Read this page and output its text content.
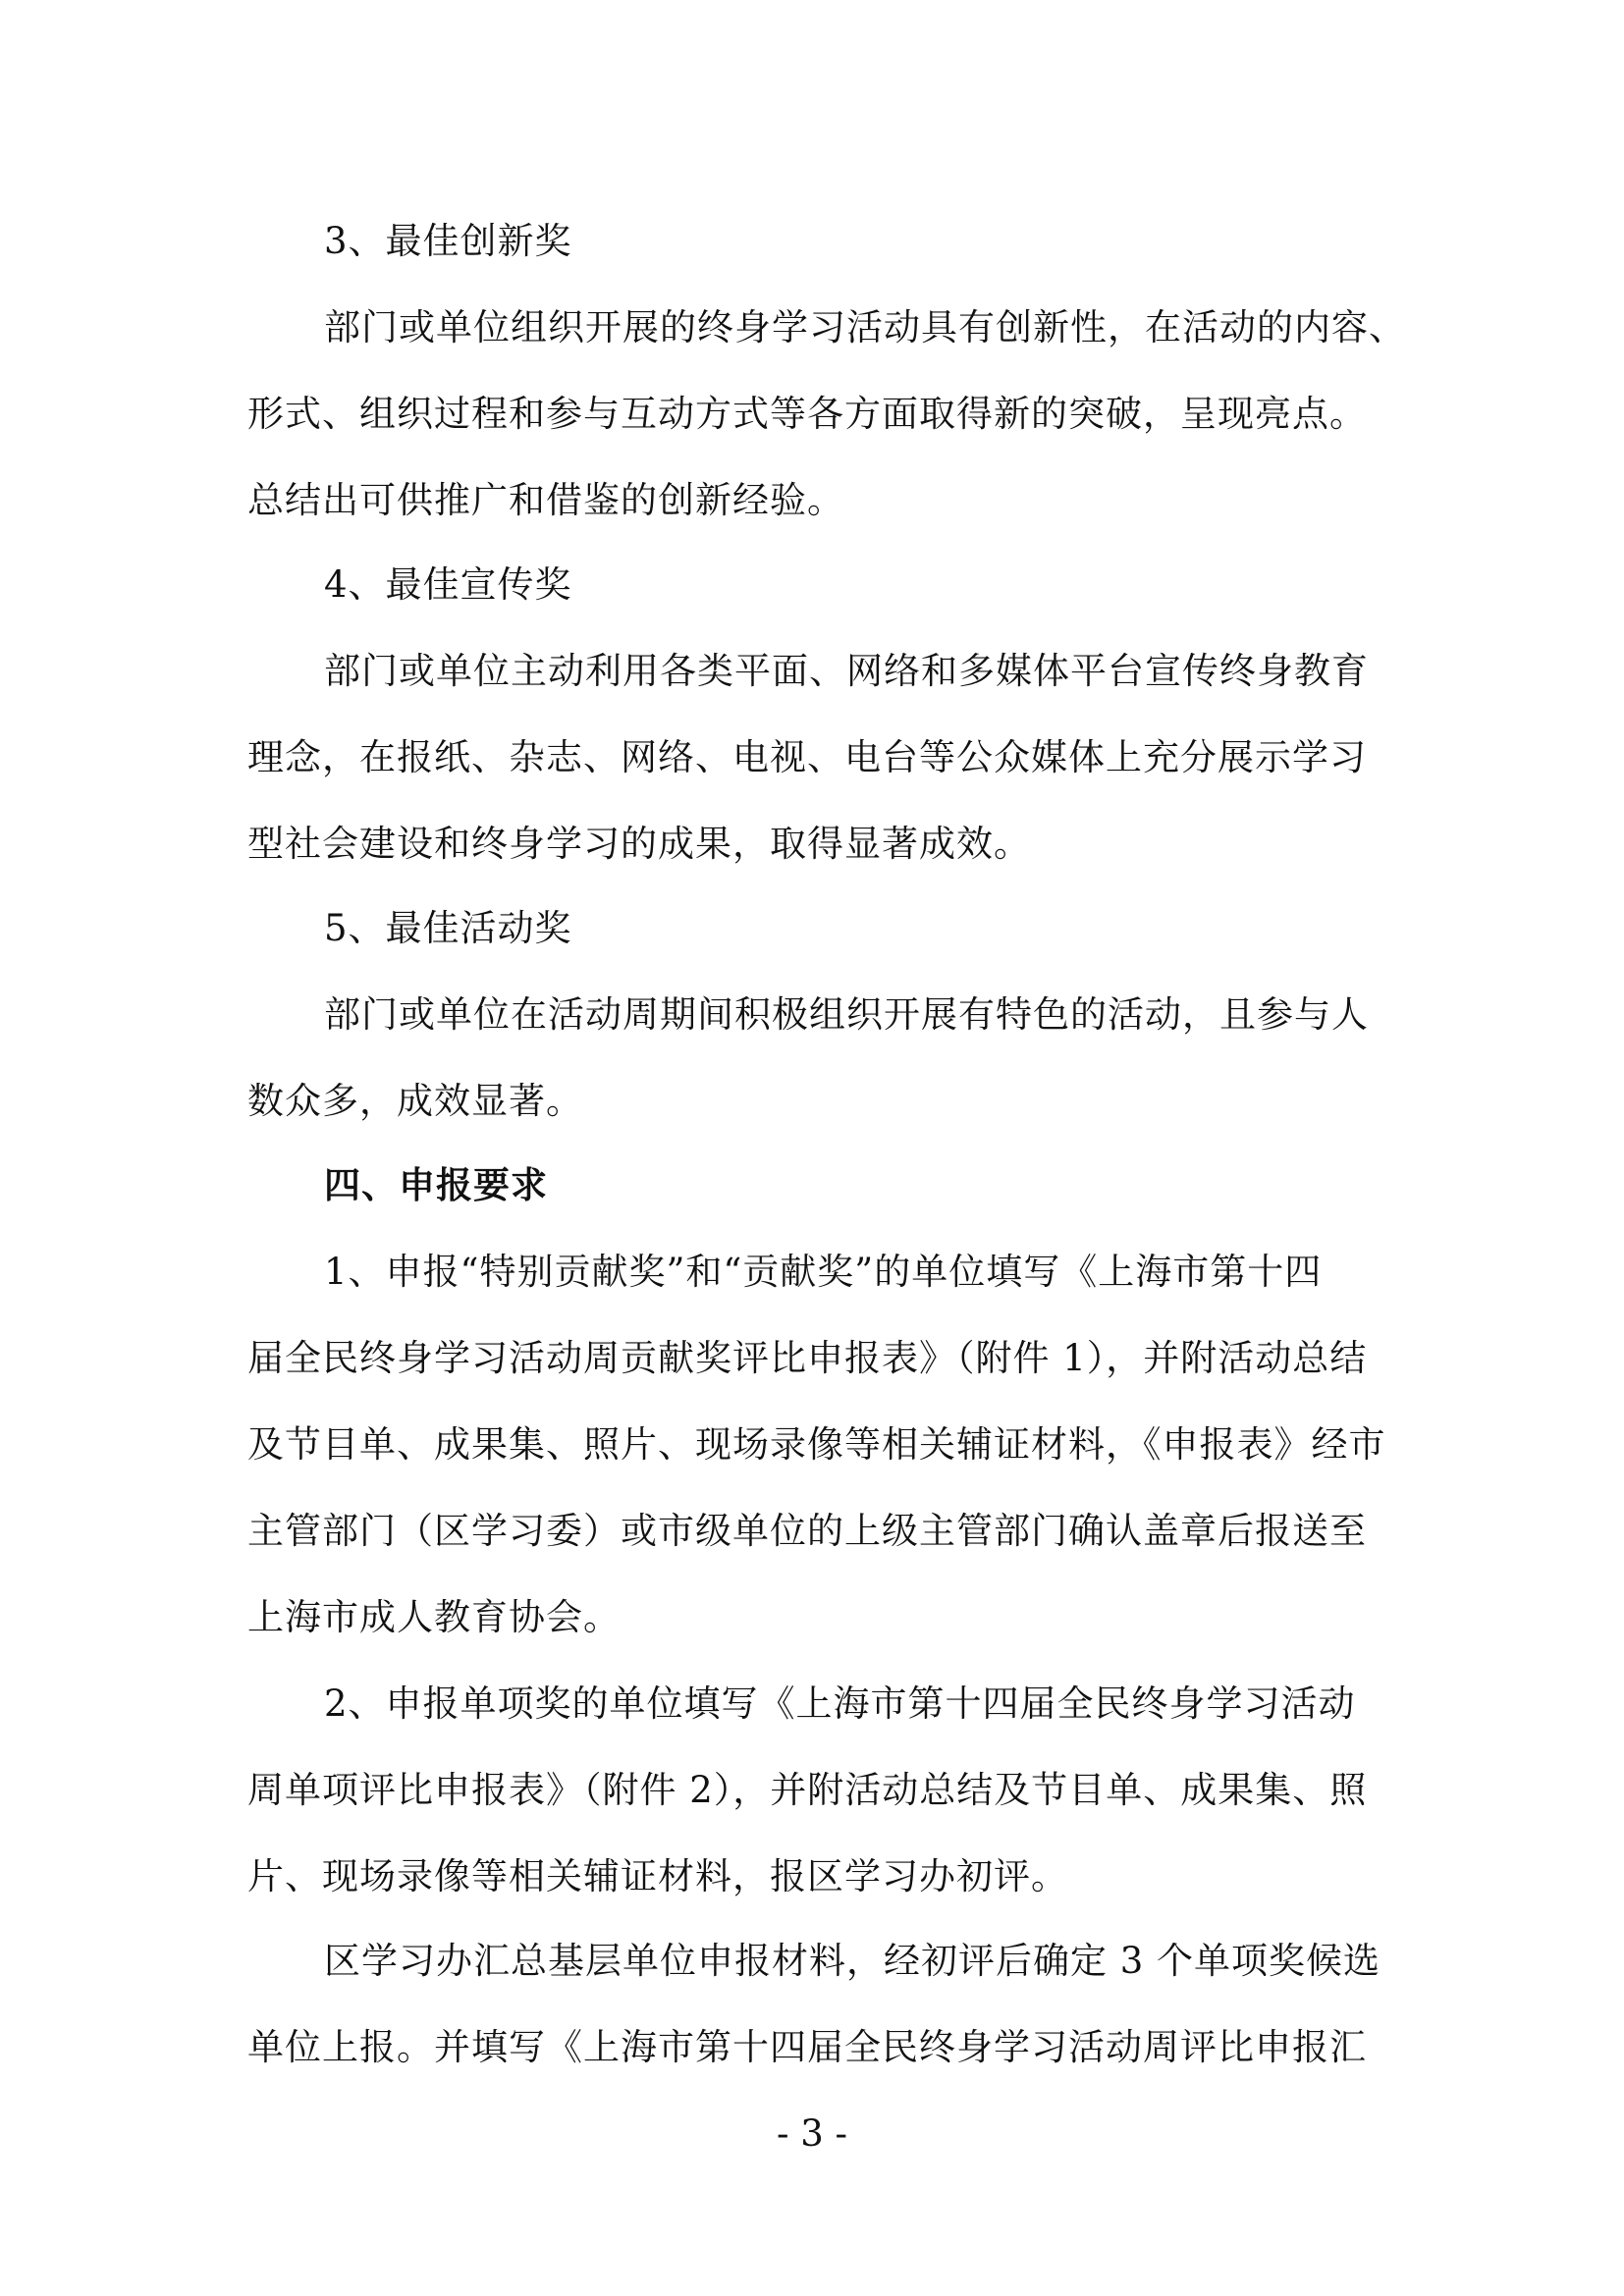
3、最佳创新奖
部门或单位组织开展的终身学习活动具有创新性，在活动的内容、
形式、组织过程和参与互动方式等各方面取得新的突破，呈现亮点。
总结出可供推广和借鉴的创新经验。
4、最佳宣传奖
部门或单位主动利用各类平面、网络和多媒体平台宣传终身教育
理念，在报纸、杂志、网络、电视、电台等公众媒体上充分展示学习
型社会建设和终身学习的成果，取得显著成效。
5、最佳活动奖
部门或单位在活动周期间积极组织开展有特色的活动，且参与人
数众多，成效显著。
四、申报要求
1、申报“特别贡献奖”和“贡献奖”的单位填写《上海市第十四
届全民终身学习活动周贡献奖评比申报表》（附件 1），并附活动总结
及节目单、成果集、照片、现场录像等相关辅证材料，《申报表》经市
主管部门（区学习委）或市级单位的上级主管部门确认盖章后报送至
上海市成人教育协会。
2、申报单项奖的单位填写《上海市第十四届全民终身学习活动
周单项评比申报表》（附件 2），并附活动总结及节目单、成果集、照
片、现场录像等相关辅证材料，报区学习办初评。
区学习办汇总基层单位申报材料，经初评后确定 3 个单项奖候选
单位上报。并填写《上海市第十四届全民终身学习活动周评比申报汇
- 3 -
